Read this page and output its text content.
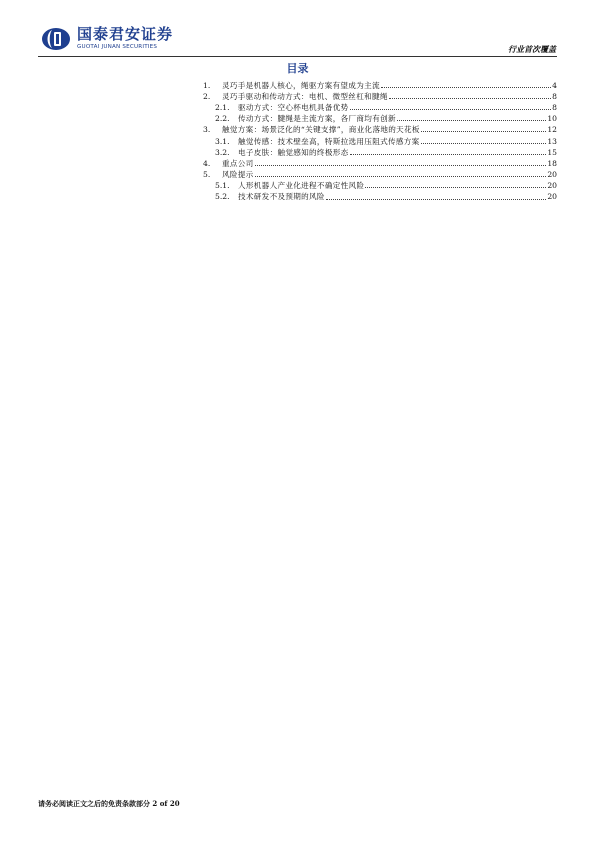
国泰君安证券
GUOTAI JUNAN SECURITIES	行业首次覆盖
目录
1.	灵巧手是机器人核心，绳驱方案有望成为主流	4
2.	灵巧手驱动和传动方式：电机、微型丝杠和腱绳	8
2.1.	驱动方式：空心杯电机具备优势	8
2.2.	传动方式：腱绳是主流方案，各厂商均有创新	10
3.	触觉方案：场景泛化的“关键支撑”，商业化落地的天花板	12
3.1.	触觉传感：技术壁垒高，特斯拉选用压阻式传感方案	13
3.2.	电子皮肤：触觉感知的终极形态	15
4.	重点公司	18
5.	风险提示	20
5.1.	人形机器人产业化进程不确定性风险	20
5.2.	技术研发不及预期的风险	20
请务必阅读正文之后的免责条款部分 2 of 20
